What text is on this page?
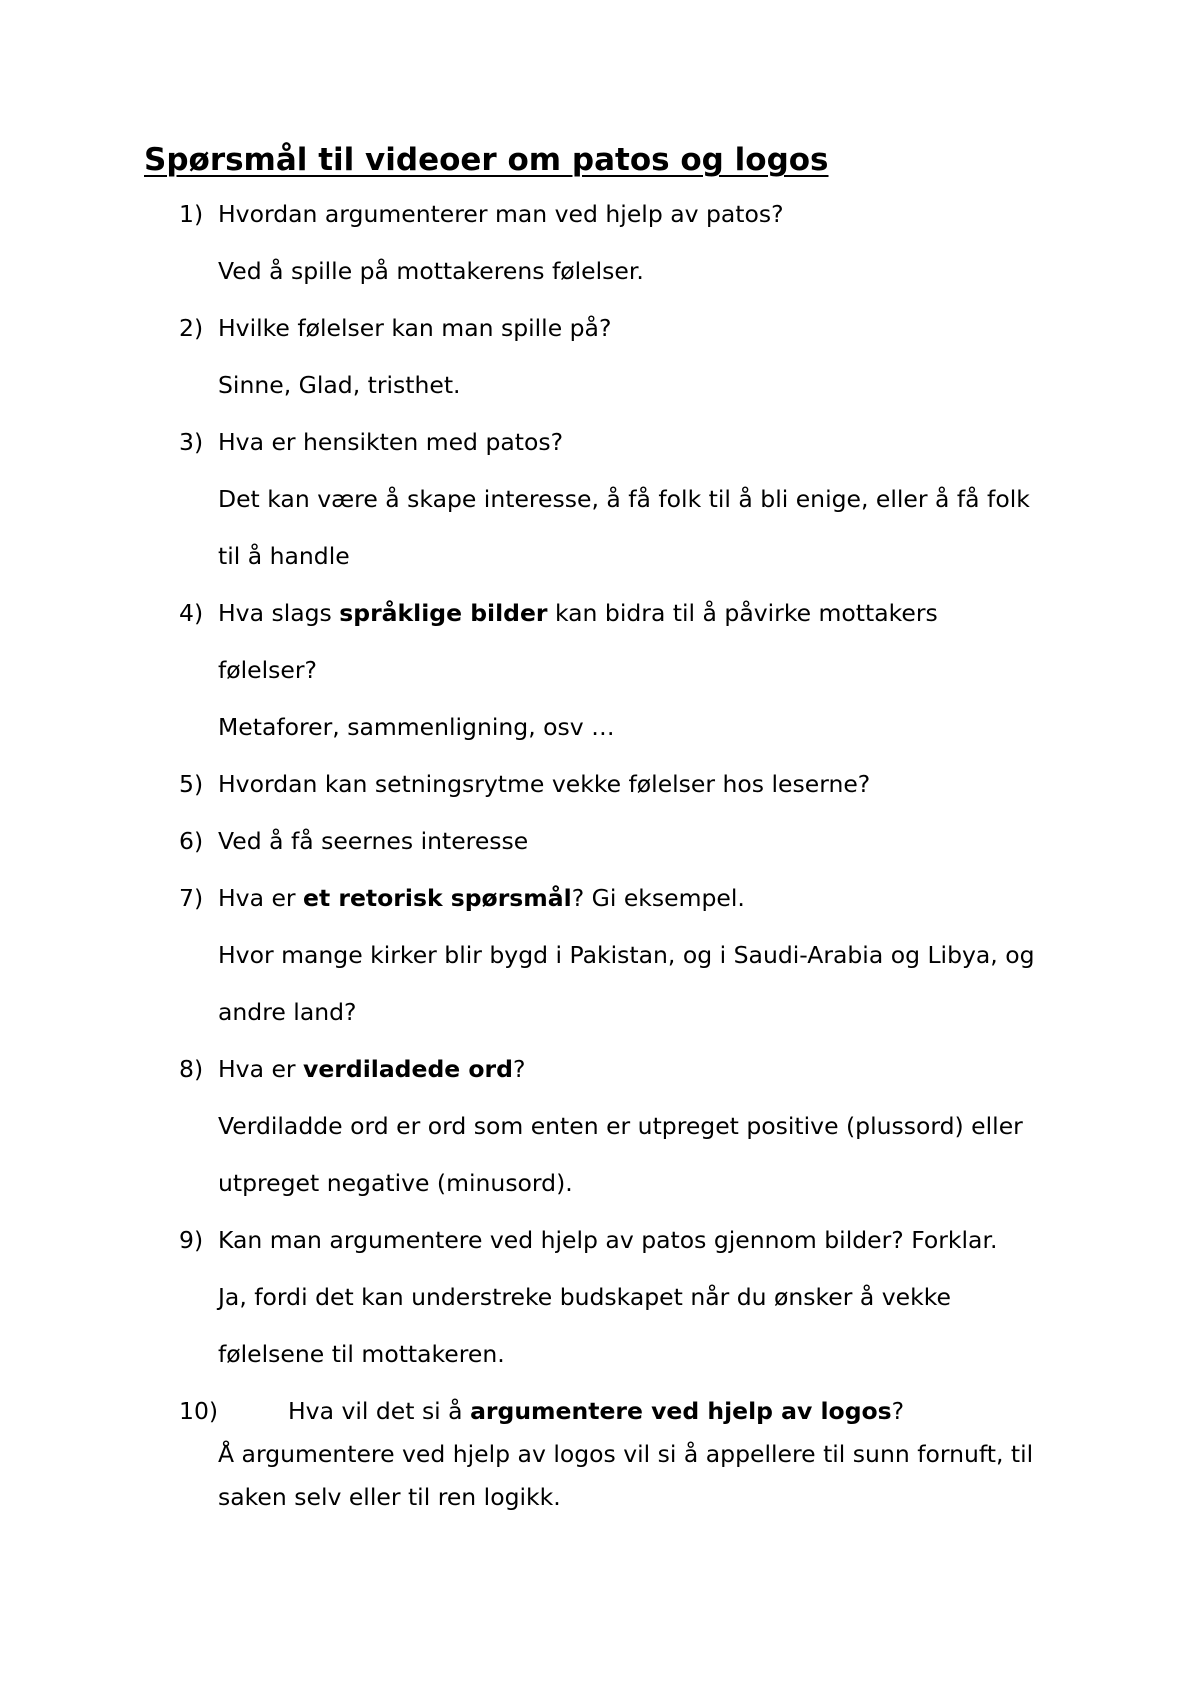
Spørsmål til videoer om patos og logos
1) Hvordan argumenterer man ved hjelp av patos?
Ved å spille på mottakerens følelser.
2) Hvilke følelser kan man spille på?
Sinne, Glad, tristhet.
3) Hva er hensikten med patos?
Det kan være å skape interesse, å få folk til å bli enige, eller å få folk
til å handle
4) Hva slags språklige bilder kan bidra til å påvirke mottakers
følelser?
Metaforer, sammenligning, osv …
5) Hvordan kan setningsrytme vekke følelser hos leserne?
6) Ved å få seernes interesse
7) Hva er et retorisk spørsmål? Gi eksempel.
Hvor mange kirker blir bygd i Pakistan, og i Saudi-Arabia og Libya, og
andre land?
8) Hva er verdiladede ord?
Verdiladde ord er ord som enten er utpreget positive (plussord) eller
utpreget negative (minusord).
9) Kan man argumentere ved hjelp av patos gjennom bilder? Forklar.
Ja, fordi det kan understreke budskapet når du ønsker å vekke
følelsene til mottakeren.
10)	Hva vil det si å argumentere ved hjelp av logos?
Å argumentere ved hjelp av logos vil si å appellere til sunn fornuft, til
saken selv eller til ren logikk.
